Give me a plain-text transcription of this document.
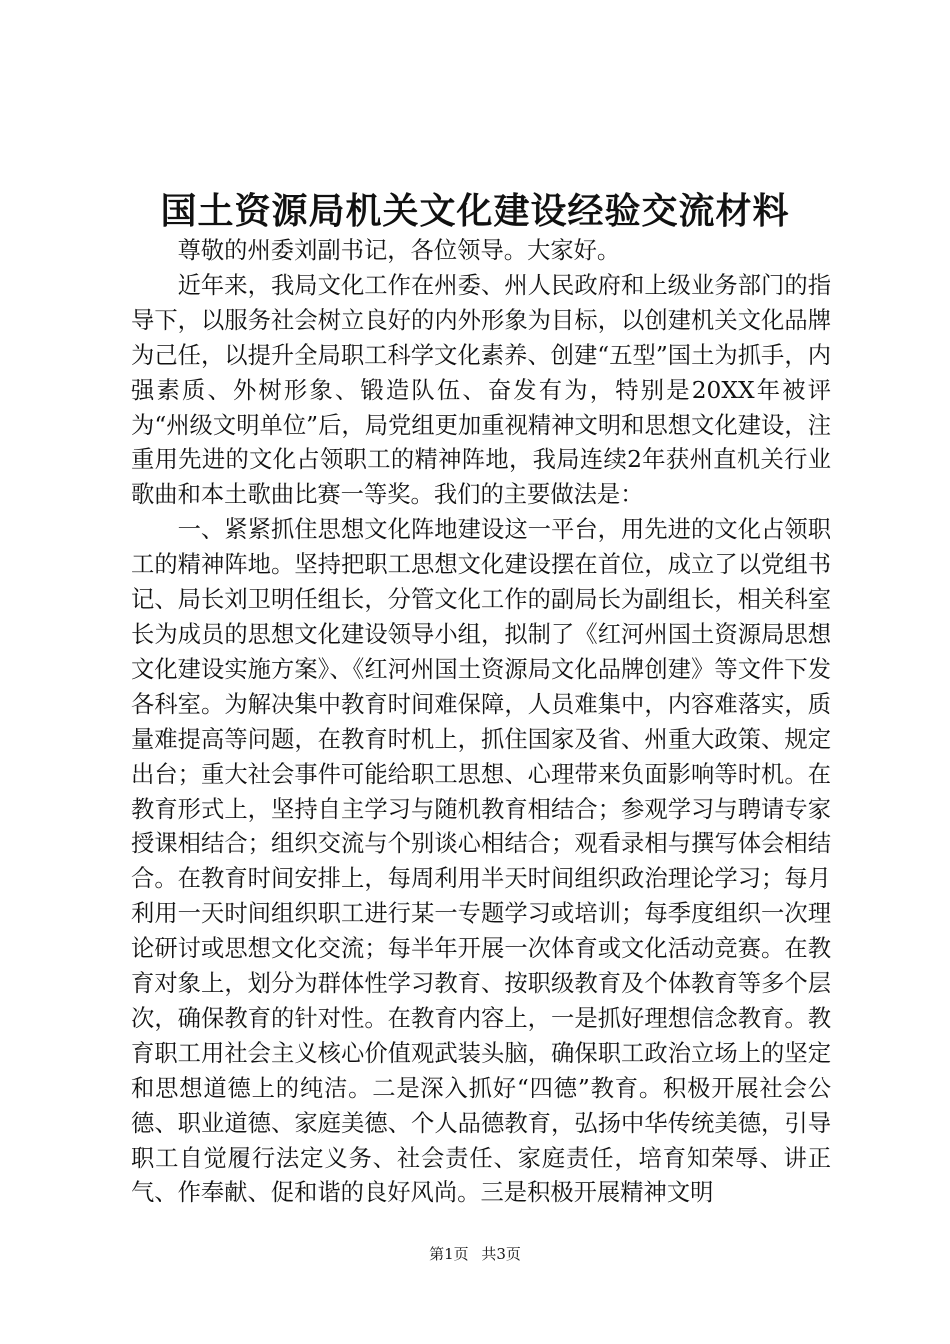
国土资源局机关文化建设经验交流材料

尊敬的州委刘副书记，各位领导。大家好。

近年来，我局文化工作在州委、州人民政府和上级业务部门的指导下，以服务社会树立良好的内外形象为目标，以创建机关文化品牌为己任，以提升全局职工科学文化素养、创建“五型”国土为抓手，内强素质、外树形象、锻造队伍、奋发有为，特别是20XX年被评为“州级文明单位”后，局党组更加重视精神文明和思想文化建设，注重用先进的文化占领职工的精神阵地，我局连续2年获州直机关行业歌曲和本土歌曲比赛一等奖。我们的主要做法是：

一、紧紧抓住思想文化阵地建设这一平台，用先进的文化占领职工的精神阵地。坚持把职工思想文化建设摆在首位，成立了以党组书记、局长刘卫明任组长，分管文化工作的副局长为副组长，相关科室长为成员的思想文化建设领导小组，拟制了《红河州国土资源局思想文化建设实施方案》、《红河州国土资源局文化品牌创建》等文件下发各科室。为解决集中教育时间难保障，人员难集中，内容难落实，质量难提高等问题，在教育时机上，抓住国家及省、州重大政策、规定出台；重大社会事件可能给职工思想、心理带来负面影响等时机。在教育形式上，坚持自主学习与随机教育相结合；参观学习与聘请专家授课相结合；组织交流与个别谈心相结合；观看录相与撰写体会相结合。在教育时间安排上，每周利用半天时间组织政治理论学习；每月利用一天时间组织职工进行某一专题学习或培训；每季度组织一次理论研讨或思想文化交流；每半年开展一次体育或文化活动竞赛。在教育对象上，划分为群体性学习教育、按职级教育及个体教育等多个层次，确保教育的针对性。在教育内容上，一是抓好理想信念教育。教育职工用社会主义核心价值观武装头脑，确保职工政治立场上的坚定和思想道德上的纯洁。二是深入抓好“四德”教育。积极开展社会公德、职业道德、家庭美德、个人品德教育，弘扬中华传统美德，引导职工自觉履行法定义务、社会责任、家庭责任，培育知荣辱、讲正气、作奉献、促和谐的良好风尚。三是积极开展精神文明

第1页 共3页
